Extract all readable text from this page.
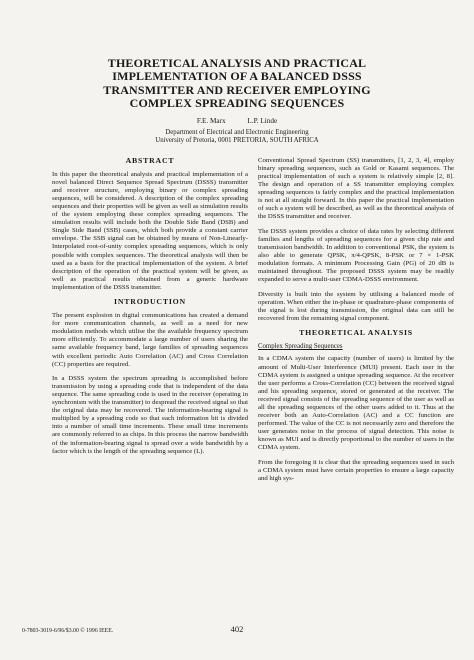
THEORETICAL ANALYSIS AND PRACTICAL
IMPLEMENTATION OF A BALANCED DSSS
TRANSMITTER AND RECEIVER EMPLOYING
COMPLEX SPREADING SEQUENCES
F.E. Marx	L.P. Linde
Department of Electrical and Electronic Engineering
University of Pretoria, 0001 PRETORIA, SOUTH AFRICA
ABSTRACT

In this paper the theoretical analysis and practical implementation of a novel balanced Direct Sequence Spread Spectrum (DSSS) transmitter and receiver structure, employing binary or complex spreading sequences, will be considered. A description of the complex spreading sequences and their properties will be given as well as simulation results of the system employing these complex spreading sequences. The simulation results will include both the Double Side Band (DSB) and Single Side Band (SSB) cases, which both provide a constant carrier envelope. The SSB signal can be obtained by means of Non-Linearly-Interpolated root-of-unity complex spreading sequences, which is only possible with complex sequences. The theoretical analysis will then be used as a basis for the practical implementation of the system. A brief description of the operation of the practical system will be given, as well as practical results obtained from a generic hardware implementation of the DSSS transmitter.

INTRODUCTION

The present explosion in digital communications has created a demand for more communication channels, as well as a need for new modulation methods which utilise the the available frequency spectrum more efficiently. To accommodate a large number of users sharing the same available frequency band, large families of spreading sequences with excellent periodic Auto Correlation (AC) and Cross Correlation (CC) properties are required.

In a DSSS system the spectrum spreading is accomplished before transmission by using a spreading code that is independent of the data sequence. The same spreading code is used in the receiver (operating in synchronism with the transmitter) to despread the received signal so that the original data may be recovered. The information-bearing signal is multiplied by a spreading code so that each information bit is divided into a number of small time increments. These small time increments are commonly referred to as chips. In this process the narrow bandwidth of the information-bearing signal is spread over a wide bandwidth by a factor which is the length of the spreading sequence (L).

Conventional Spread Spectrum (SS) transmitters, [1, 2, 3, 4], employ binary spreading sequences, such as Gold or Kasami sequences. The practical implementation of such a system is relatively simple [2, 8]. The design and operation of a SS transmitter employing complex spreading sequences is fairly complex and the practical implementation is not at all straight forward. In this paper the practical implementation of such a system will be described, as well as the theoretical analysis of the DSSS transmitter and receiver.

The DSSS system provides a choice of data rates by selecting different families and lengths of spreading sequences for a given chip rate and transmission bandwidth. In addition to conventional PSK, the system is also able to generate QPSK, π/4-QPSK, 8-PSK or 7 × 1-PSK modulation formats. A minimum Processing Gain (PG) of 20 dB is maintained throughout. The proposed DSSS system may be readily expanded to serve a multi-user CDMA-DSSS environment.

Diversity is built into the system by utilising a balanced mode of operation. When either the in-phase or quadrature-phase components of the signal is lost during transmission, the original data can still be recovered from the remaining signal component.

THEORETICAL ANALYSIS
Complex Spreading Sequences

In a CDMA system the capacity (number of users) is limited by the amount of Multi-User Interference (MUI) present. Each user in the CDMA system is assigned a unique spreading sequence. At the receiver the user performs a Cross-Correlation (CC) between the received signal and his spreading sequence, stored or generated at the receiver. The received signal consists of the spreading sequence of the user as well as all the spreading sequences of the other users added to it. Thus at the receiver both an Auto-Correlation (AC) and a CC function are performed. The value of the CC is not necessarily zero and therefore the user generates noise in the process of signal detection. This noise is known as MUI and is directly proportional to the number of users in the CDMA system.

From the foregoing it is clear that the spreading sequences used in such a CDMA system must have certain properties to ensure a large capacity and high sys-

0-7803-3019-6/96/$3.00 © 1996 IEEE.	402
